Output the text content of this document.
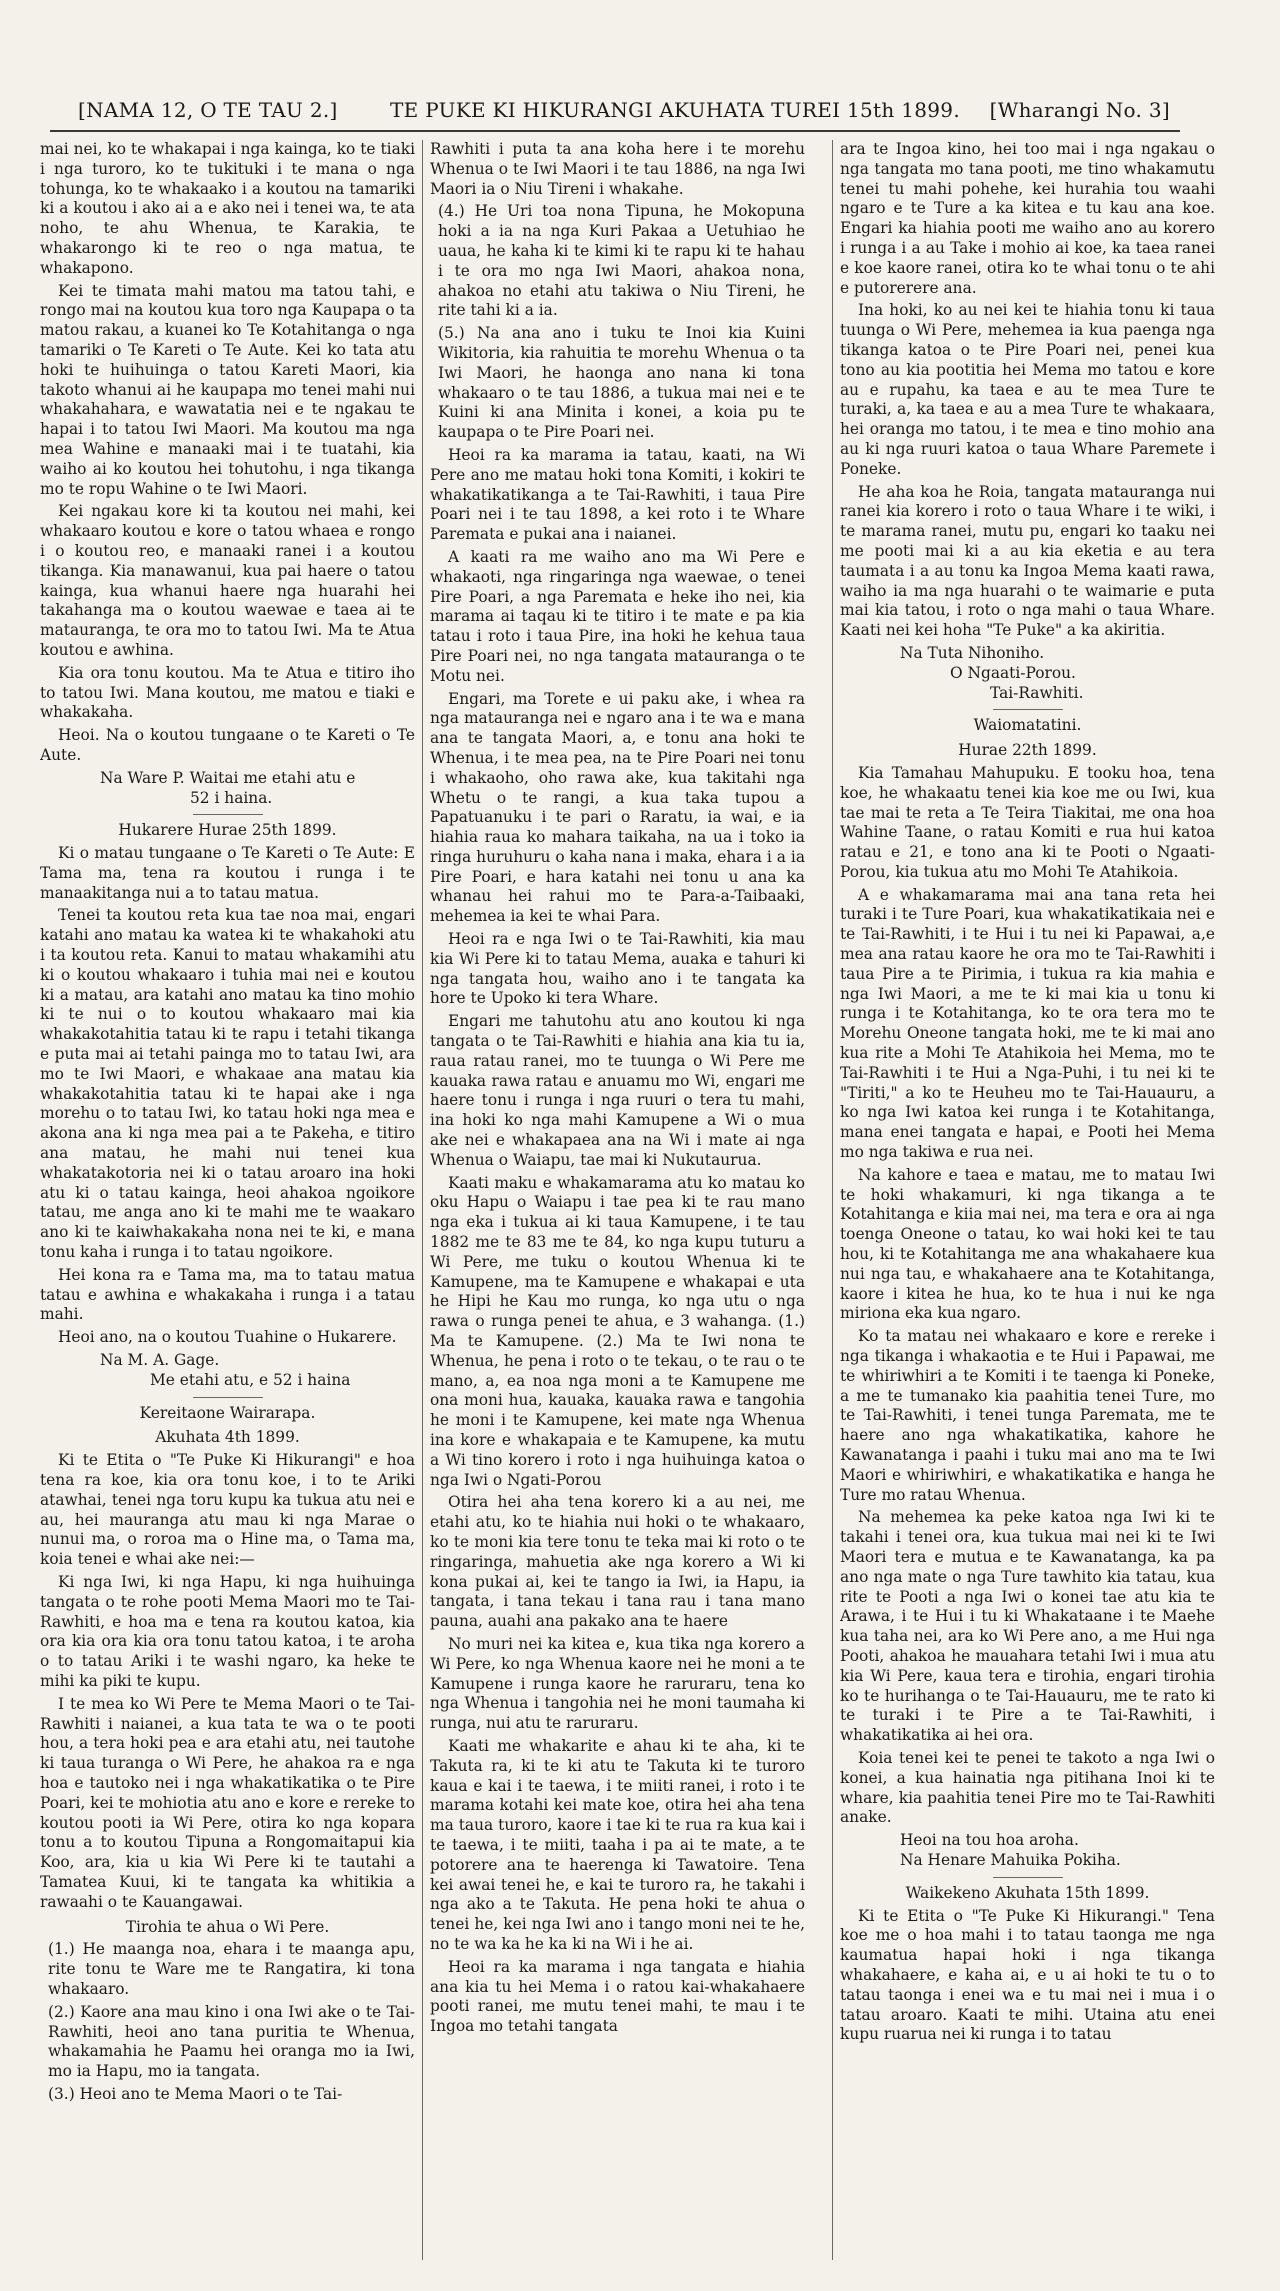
[NAMA 12, O TE TAU 2.]	TE PUKE KI HIKURANGI AKUHATA TUREI 15th 1899. [Wharangi No. 3]

mai nei, ko te whakapai i nga kainga, ko te tiaki i nga turoro, ko te tukituki i te mana o nga tohunga, ko te whakaako i a koutou na tamariki ki a koutou i ako ai a e ako nei i tenei wa, te ata noho, te ahu Whenua, te Karakia, te whakarongo ki te reo o nga matua, te whakapono.

Kei te timata mahi matou ma tatou tahi, e rongo mai na koutou kua toro nga Kaupapa o ta matou rakau, a kuanei ko Te Kotahitanga o nga tamariki o Te Kareti o Te Aute. Kei ko tata atu hoki te huihuinga o tatou Kareti Maori, kia takoto whanui ai he kaupapa mo tenei mahi nui whakahahara, e wawatatia nei e te ngakau te hapai i to tatou Iwi Maori. Ma koutou ma nga mea Wahine e manaaki mai i te tuatahi, kia waiho ai ko koutou hei tohutohu, i nga tikanga mo te ropu Wahine o te Iwi Maori.

Kei ngakau kore ki ta koutou nei mahi, kei whakaaro koutou e kore o tatou whaea e rongo i o koutou reo, e manaaki ranei i a koutou tikanga. Kia manawanui, kua pai haere o tatou kainga, kua whanui haere nga huarahi hei takahanga ma o koutou waewae e taea ai te matauranga, te ora mo to tatou Iwi. Ma te Atua koutou e awhina.

Kia ora tonu koutou. Ma te Atua e titiro iho to tatou Iwi. Mana koutou, me matou e tiaki e whakakaha.

Heoi. Na o koutou tungaane o te Kareti o Te Aute.

Na Ware P. Waitai me etahi atu e

52 i haina.

Hukarere Hurae 25th 1899.

Ki o matau tungaane o Te Kareti o Te Aute: E Tama ma, tena ra koutou i runga i te manaakitanga nui a to tatau matua.

Tenei ta koutou reta kua tae noa mai, engari katahi ano matau ka watea ki te whakahoki atu i ta koutou reta. Kanui to matau whakamihi atu ki o koutou whakaaro i tuhia mai nei e koutou ki a matau, ara katahi ano matau ka tino mohio ki te nui o to koutou whakaaro mai kia whakakotahitia tatau ki te rapu i tetahi tikanga e puta mai ai tetahi painga mo to tatau Iwi, ara mo te Iwi Maori, e whakaae ana matau kia whakakotahitia tatau ki te hapai ake i nga morehu o to tatau Iwi, ko tatau hoki nga mea e akona ana ki nga mea pai a te Pakeha, e titiro ana matau, he mahi nui tenei kua whakatakotoria nei ki o tatau aroaro ina hoki atu ki o tatau kainga, heoi ahakoa ngoikore tatau, me anga ano ki te mahi me te waakaro ano ki te kaiwhakakaha nona nei te ki, e mana tonu kaha i runga i to tatau ngoikore.

Hei kona ra e Tama ma, ma to tatau matua tatau e awhina e whakakaha i runga i a tatau mahi.

Heoi ano, na o koutou Tuahine o Hukarere.

Na M. A. Gage.

Me etahi atu, e 52 i haina

Kereitaone Wairarapa.

Akuhata 4th 1899.

Ki te Etita o "Te Puke Ki Hikurangi" e hoa tena ra koe, kia ora tonu koe, i to te Ariki atawhai, tenei nga toru kupu ka tukua atu nei e au, hei mauranga atu mau ki nga Marae o nunui ma, o roroa ma o Hine ma, o Tama ma, koia tenei e whai ake nei:—

Ki nga Iwi, ki nga Hapu, ki nga huihuinga tangata o te rohe pooti Mema Maori mo te Tai-Rawhiti, e hoa ma e tena ra koutou katoa, kia ora kia ora kia ora tonu tatou katoa, i te aroha o to tatau Ariki i te washi ngaro, ka heke te mihi ka piki te kupu.

I te mea ko Wi Pere te Mema Maori o te Tai-Rawhiti i naianei, a kua tata te wa o te pooti hou, a tera hoki pea e ara etahi atu, nei tautohe ki taua turanga o Wi Pere, he ahakoa ra e nga hoa e tautoko nei i nga whakatikatika o te Pire Poari, kei te mohiotia atu ano e kore e rereke to koutou pooti ia Wi Pere, otira ko nga kopara tonu a to koutou Tipuna a Rongomaitapui kia Koo, ara, kia u kia Wi Pere ki te tautahi a Tamatea Kuui, ki te tangata ka whitikia a rawaahi o te Kauangawai.

Tirohia te ahua o Wi Pere.

(1.) He maanga noa, ehara i te maanga apu, rite tonu te Ware me te Rangatira, ki tona whakaaro.

(2.) Kaore ana mau kino i ona Iwi ake o te Tai-Rawhiti, heoi ano tana puritia te Whenua, whakamahia he Paamu hei oranga mo ia Iwi, mo ia Hapu, mo ia tangata.

(3.) Heoi ano te Mema Maori o te Tai-

Rawhiti i puta ta ana koha here i te morehu Whenua o te Iwi Maori i te tau 1886, na nga Iwi Maori ia o Niu Tireni i whakahe.

(4.) He Uri toa nona Tipuna, he Mokopuna hoki a ia na nga Kuri Pakaa a Uetuhiao he uaua, he kaha ki te kimi ki te rapu ki te hahau i te ora mo nga Iwi Maori, ahakoa nona, ahakoa no etahi atu takiwa o Niu Tireni, he rite tahi ki a ia.

(5.) Na ana ano i tuku te Inoi kia Kuini Wikitoria, kia rahuitia te morehu Whenua o ta Iwi Maori, he haonga ano nana ki tona whakaaro o te tau 1886, a tukua mai nei e te Kuini ki ana Minita i konei, a koia pu te kaupapa o te Pire Poari nei.

Heoi ra ka marama ia tatau, kaati, na Wi Pere ano me matau hoki tona Komiti, i kokiri te whakatikatikanga a te Tai-Rawhiti, i taua Pire Poari nei i te tau 1898, a kei roto i te Whare Paremata e pukai ana i naianei.

A kaati ra me waiho ano ma Wi Pere e whakaoti, nga ringaringa nga waewae, o tenei Pire Poari, a nga Paremata e heke iho nei, kia marama ai taqau ki te titiro i te mate e pa kia tatau i roto i taua Pire, ina hoki he kehua taua Pire Poari nei, no nga tangata matauranga o te Motu nei.

Engari, ma Torete e ui paku ake, i whea ra nga matauranga nei e ngaro ana i te wa e mana ana te tangata Maori, a, e tonu ana hoki te Whenua, i te mea pea, na te Pire Poari nei tonu i whakaoho, oho rawa ake, kua takitahi nga Whetu o te rangi, a kua taka tupou a Papatuanuku i te pari o Raratu, ia wai, e ia hiahia raua ko mahara taikaha, na ua i toko ia ringa huruhuru o kaha nana i maka, ehara i a ia Pire Poari, e hara katahi nei tonu u ana ka whanau hei rahui mo te Para-a-Taibaaki, mehemea ia kei te whai Para.

Heoi ra e nga Iwi o te Tai-Rawhiti, kia mau kia Wi Pere ki to tatau Mema, auaka e tahuri ki nga tangata hou, waiho ano i te tangata ka hore te Upoko ki tera Whare.

Engari me tahutohu atu ano koutou ki nga tangata o te Tai-Rawhiti e hiahia ana kia tu ia, raua ratau ranei, mo te tuunga o Wi Pere me kauaka rawa ratau e anuamu mo Wi, engari me haere tonu i runga i nga ruuri o tera tu mahi, ina hoki ko nga mahi Kamupene a Wi o mua ake nei e whakapaea ana na Wi i mate ai nga Whenua o Waiapu, tae mai ki Nukutaurua.

Kaati maku e whakamarama atu ko matau ko oku Hapu o Waiapu i tae pea ki te rau mano nga eka i tukua ai ki taua Kamupene, i te tau 1882 me te 83 me te 84, ko nga kupu tuturu a Wi Pere, me tuku o koutou Whenua ki te Kamupene, ma te Kamupene e whakapai e uta he Hipi he Kau mo runga, ko nga utu o nga rawa o runga penei te ahua, e 3 wahanga. (1.) Ma te Kamupene. (2.) Ma te Iwi nona te Whenua, he pena i roto o te tekau, o te rau o te mano, a, ea noa nga moni a te Kamupene me ona moni hua, kauaka, kauaka rawa e tangohia he moni i te Kamupene, kei mate nga Whenua ina kore e whakapaia e te Kamupene, ka mutu a Wi tino korero i roto i nga huihuinga katoa o nga Iwi o Ngati-Porou

Otira hei aha tena korero ki a au nei, me etahi atu, ko te hiahia nui hoki o te whakaaro, ko te moni kia tere tonu te teka mai ki roto o te ringaringa, mahuetia ake nga korero a Wi ki kona pukai ai, kei te tango ia Iwi, ia Hapu, ia tangata, i tana tekau i tana rau i tana mano pauna, auahi ana pakako ana te haere

No muri nei ka kitea e, kua tika nga korero a Wi Pere, ko nga Whenua kaore nei he moni a te Kamupene i runga kaore he raruraru, tena ko nga Whenua i tangohia nei he moni taumaha ki runga, nui atu te raruraru.

Kaati me whakarite e ahau ki te aha, ki te Takuta ra, ki te ki atu te Takuta ki te turoro kaua e kai i te taewa, i te miiti ranei, i roto i te marama kotahi kei mate koe, otira hei aha tena ma taua turoro, kaore i tae ki te rua ra kua kai i te taewa, i te miiti, taaha i pa ai te mate, a te potorere ana te haerenga ki Tawatoire. Tena kei awai tenei he, e kai te turoro ra, he takahi i nga ako a te Takuta. He pena hoki te ahua o tenei he, kei nga Iwi ano i tango moni nei te he, no te wa ka he ka ki na Wi i he ai.

Heoi ra ka marama i nga tangata e hiahia ana kia tu hei Mema i o ratou kai-whakahaere pooti ranei, me mutu tenei mahi, te mau i te Ingoa mo tetahi tangata

ara te Ingoa kino, hei too mai i nga ngakau o nga tangata mo tana pooti, me tino whakamutu tenei tu mahi pohehe, kei hurahia tou waahi ngaro e te Ture a ka kitea e tu kau ana koe. Engari ka hiahia pooti me waiho ano au korero i runga i a au Take i mohio ai koe, ka taea ranei e koe kaore ranei, otira ko te whai tonu o te ahi e putorerere ana.

Ina hoki, ko au nei kei te hiahia tonu ki taua tuunga o Wi Pere, mehemea ia kua paenga nga tikanga katoa o te Pire Poari nei, penei kua tono au kia pootitia hei Mema mo tatou e kore au e rupahu, ka taea e au te mea Ture te turaki, a, ka taea e au a mea Ture te whakaara, hei oranga mo tatou, i te mea e tino mohio ana au ki nga ruuri katoa o taua Whare Paremete i Poneke.

He aha koa he Roia, tangata matauranga nui ranei kia korero i roto o taua Whare i te wiki, i te marama ranei, mutu pu, engari ko taaku nei me pooti mai ki a au kia eketia e au tera taumata i a au tonu ka Ingoa Mema kaati rawa, waiho ia ma nga huarahi o te waimarie e puta mai kia tatou, i roto o nga mahi o taua Whare. Kaati nei kei hoha "Te Puke" a ka akiritia.

Na Tuta Nihoniho.

O Ngaati-Porou.

Tai-Rawhiti.

Waiomatatini.

Hurae 22th 1899.

Kia Tamahau Mahupuku. E tooku hoa, tena koe, he whakaatu tenei kia koe me ou Iwi, kua tae mai te reta a Te Teira Tiakitai, me ona hoa Wahine Taane, o ratau Komiti e rua hui katoa ratau e 21, e tono ana ki te Pooti o Ngaati-Porou, kia tukua atu mo Mohi Te Atahikoia.

A e whakamarama mai ana tana reta hei turaki i te Ture Poari, kua whakatikatikaia nei e te Tai-Rawhiti, i te Hui i tu nei ki Papawai, a,e mea ana ratau kaore he ora mo te Tai-Rawhiti i taua Pire a te Pirimia, i tukua ra kia mahia e nga Iwi Maori, a me te ki mai kia u tonu ki runga i te Kotahitanga, ko te ora tera mo te Morehu Oneone tangata hoki, me te ki mai ano kua rite a Mohi Te Atahikoia hei Mema, mo te Tai-Rawhiti i te Hui a Nga-Puhi, i tu nei ki te "Tiriti," a ko te Heuheu mo te Tai-Hauauru, a ko nga Iwi katoa kei runga i te Kotahitanga, mana enei tangata e hapai, e Pooti hei Mema mo nga takiwa e rua nei.

Na kahore e taea e matau, me to matau Iwi te hoki whakamuri, ki nga tikanga a te Kotahitanga e kiia mai nei, ma tera e ora ai nga toenga Oneone o tatau, ko wai hoki kei te tau hou, ki te Kotahitanga me ana whakahaere kua nui nga tau, e whakahaere ana te Kotahitanga, kaore i kitea he hua, ko te hua i nui ke nga miriona eka kua ngaro.

Ko ta matau nei whakaaro e kore e rereke i nga tikanga i whakaotia e te Hui i Papawai, me te whiriwhiri a te Komiti i te taenga ki Poneke, a me te tumanako kia paahitia tenei Ture, mo te Tai-Rawhiti, i tenei tunga Paremata, me te haere ano nga whakatikatika, kahore he Kawanatanga i paahi i tuku mai ano ma te Iwi Maori e whiriwhiri, e whakatikatika e hanga he Ture mo ratau Whenua.

Na mehemea ka peke katoa nga Iwi ki te takahi i tenei ora, kua tukua mai nei ki te Iwi Maori tera e mutua e te Kawanatanga, ka pa ano nga mate o nga Ture tawhito kia tatau, kua rite te Pooti a nga Iwi o konei tae atu kia te Arawa, i te Hui i tu ki Whakataane i te Maehe kua taha nei, ara ko Wi Pere ano, a me Hui nga Pooti, ahakoa he mauahara tetahi Iwi i mua atu kia Wi Pere, kaua tera e tirohia, engari tirohia ko te hurihanga o te Tai-Hauauru, me te rato ki te turaki i te Pire a te Tai-Rawhiti, i whakatikatika ai hei ora.

Koia tenei kei te penei te takoto a nga Iwi o konei, a kua hainatia nga pitihana Inoi ki te whare, kia paahitia tenei Pire mo te Tai-Rawhiti anake.

Heoi na tou hoa aroha.

Na Henare Mahuika Pokiha.

Waikekeno Akuhata 15th 1899.

Ki te Etita o "Te Puke Ki Hikurangi." Tena koe me o hoa mahi i to tatau taonga me nga kaumatua hapai hoki i nga tikanga whakahaere, e kaha ai, e u ai hoki te tu o to tatau taonga i enei wa e tu mai nei i mua i o tatau aroaro. Kaati te mihi. Utaina atu enei kupu ruarua nei ki runga i to tatau
